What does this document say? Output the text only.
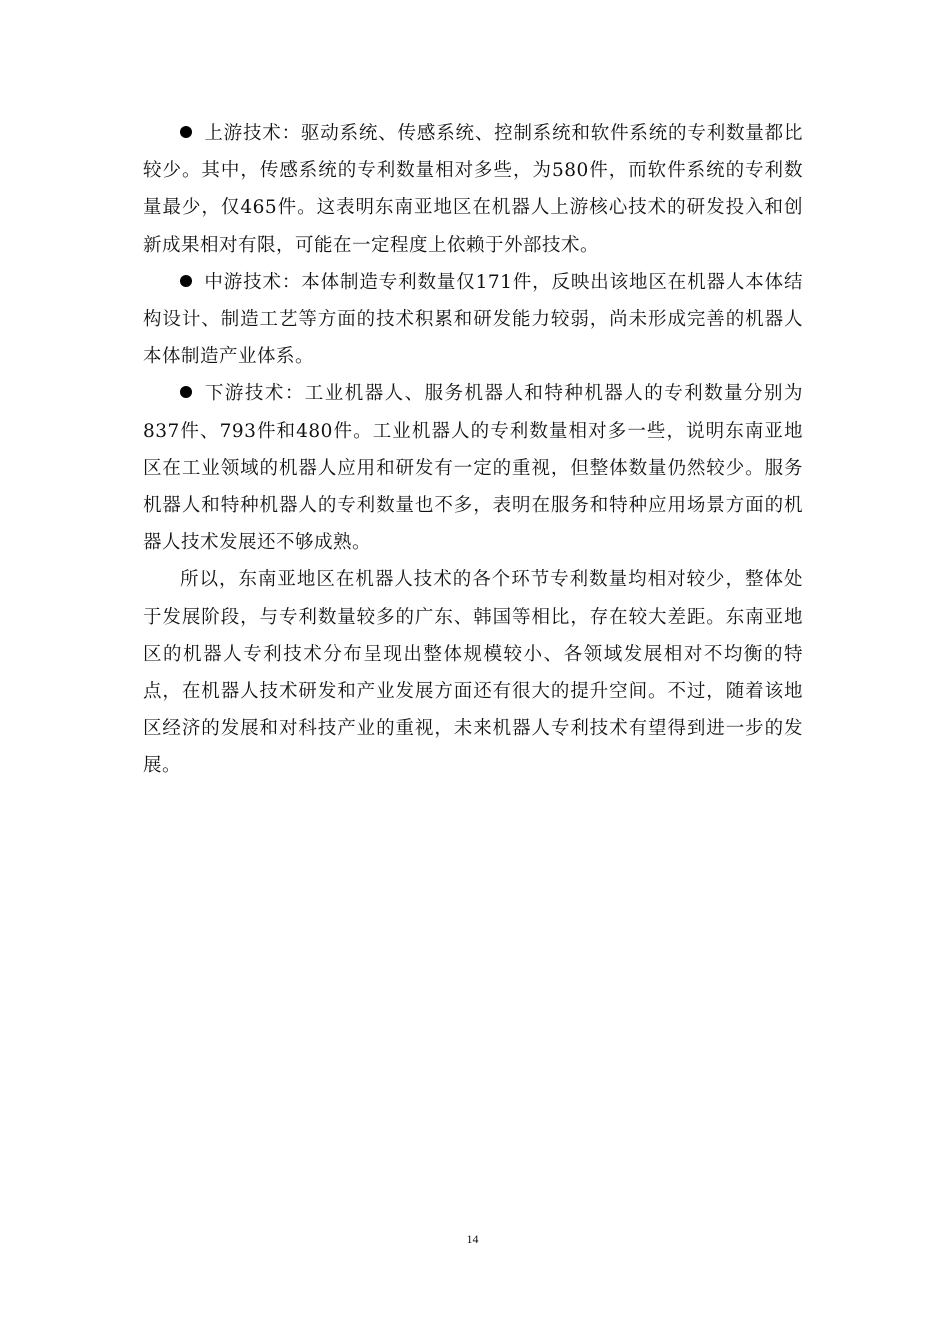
上游技术：驱动系统、传感系统、控制系统和软件系统的专利数量都比较少。其中，传感系统的专利数量相对多些，为580件，而软件系统的专利数量最少，仅465件。这表明东南亚地区在机器人上游核心技术的研发投入和创新成果相对有限，可能在一定程度上依赖于外部技术。

中游技术：本体制造专利数量仅171件，反映出该地区在机器人本体结构设计、制造工艺等方面的技术积累和研发能力较弱，尚未形成完善的机器人本体制造产业体系。

下游技术：工业机器人、服务机器人和特种机器人的专利数量分别为837件、793件和480件。工业机器人的专利数量相对多一些，说明东南亚地区在工业领域的机器人应用和研发有一定的重视，但整体数量仍然较少。服务机器人和特种机器人的专利数量也不多，表明在服务和特种应用场景方面的机器人技术发展还不够成熟。

所以，东南亚地区在机器人技术的各个环节专利数量均相对较少，整体处于发展阶段，与专利数量较多的广东、韩国等相比，存在较大差距。东南亚地区的机器人专利技术分布呈现出整体规模较小、各领域发展相对不均衡的特点，在机器人技术研发和产业发展方面还有很大的提升空间。不过，随着该地区经济的发展和对科技产业的重视，未来机器人专利技术有望得到进一步的发展。

14
